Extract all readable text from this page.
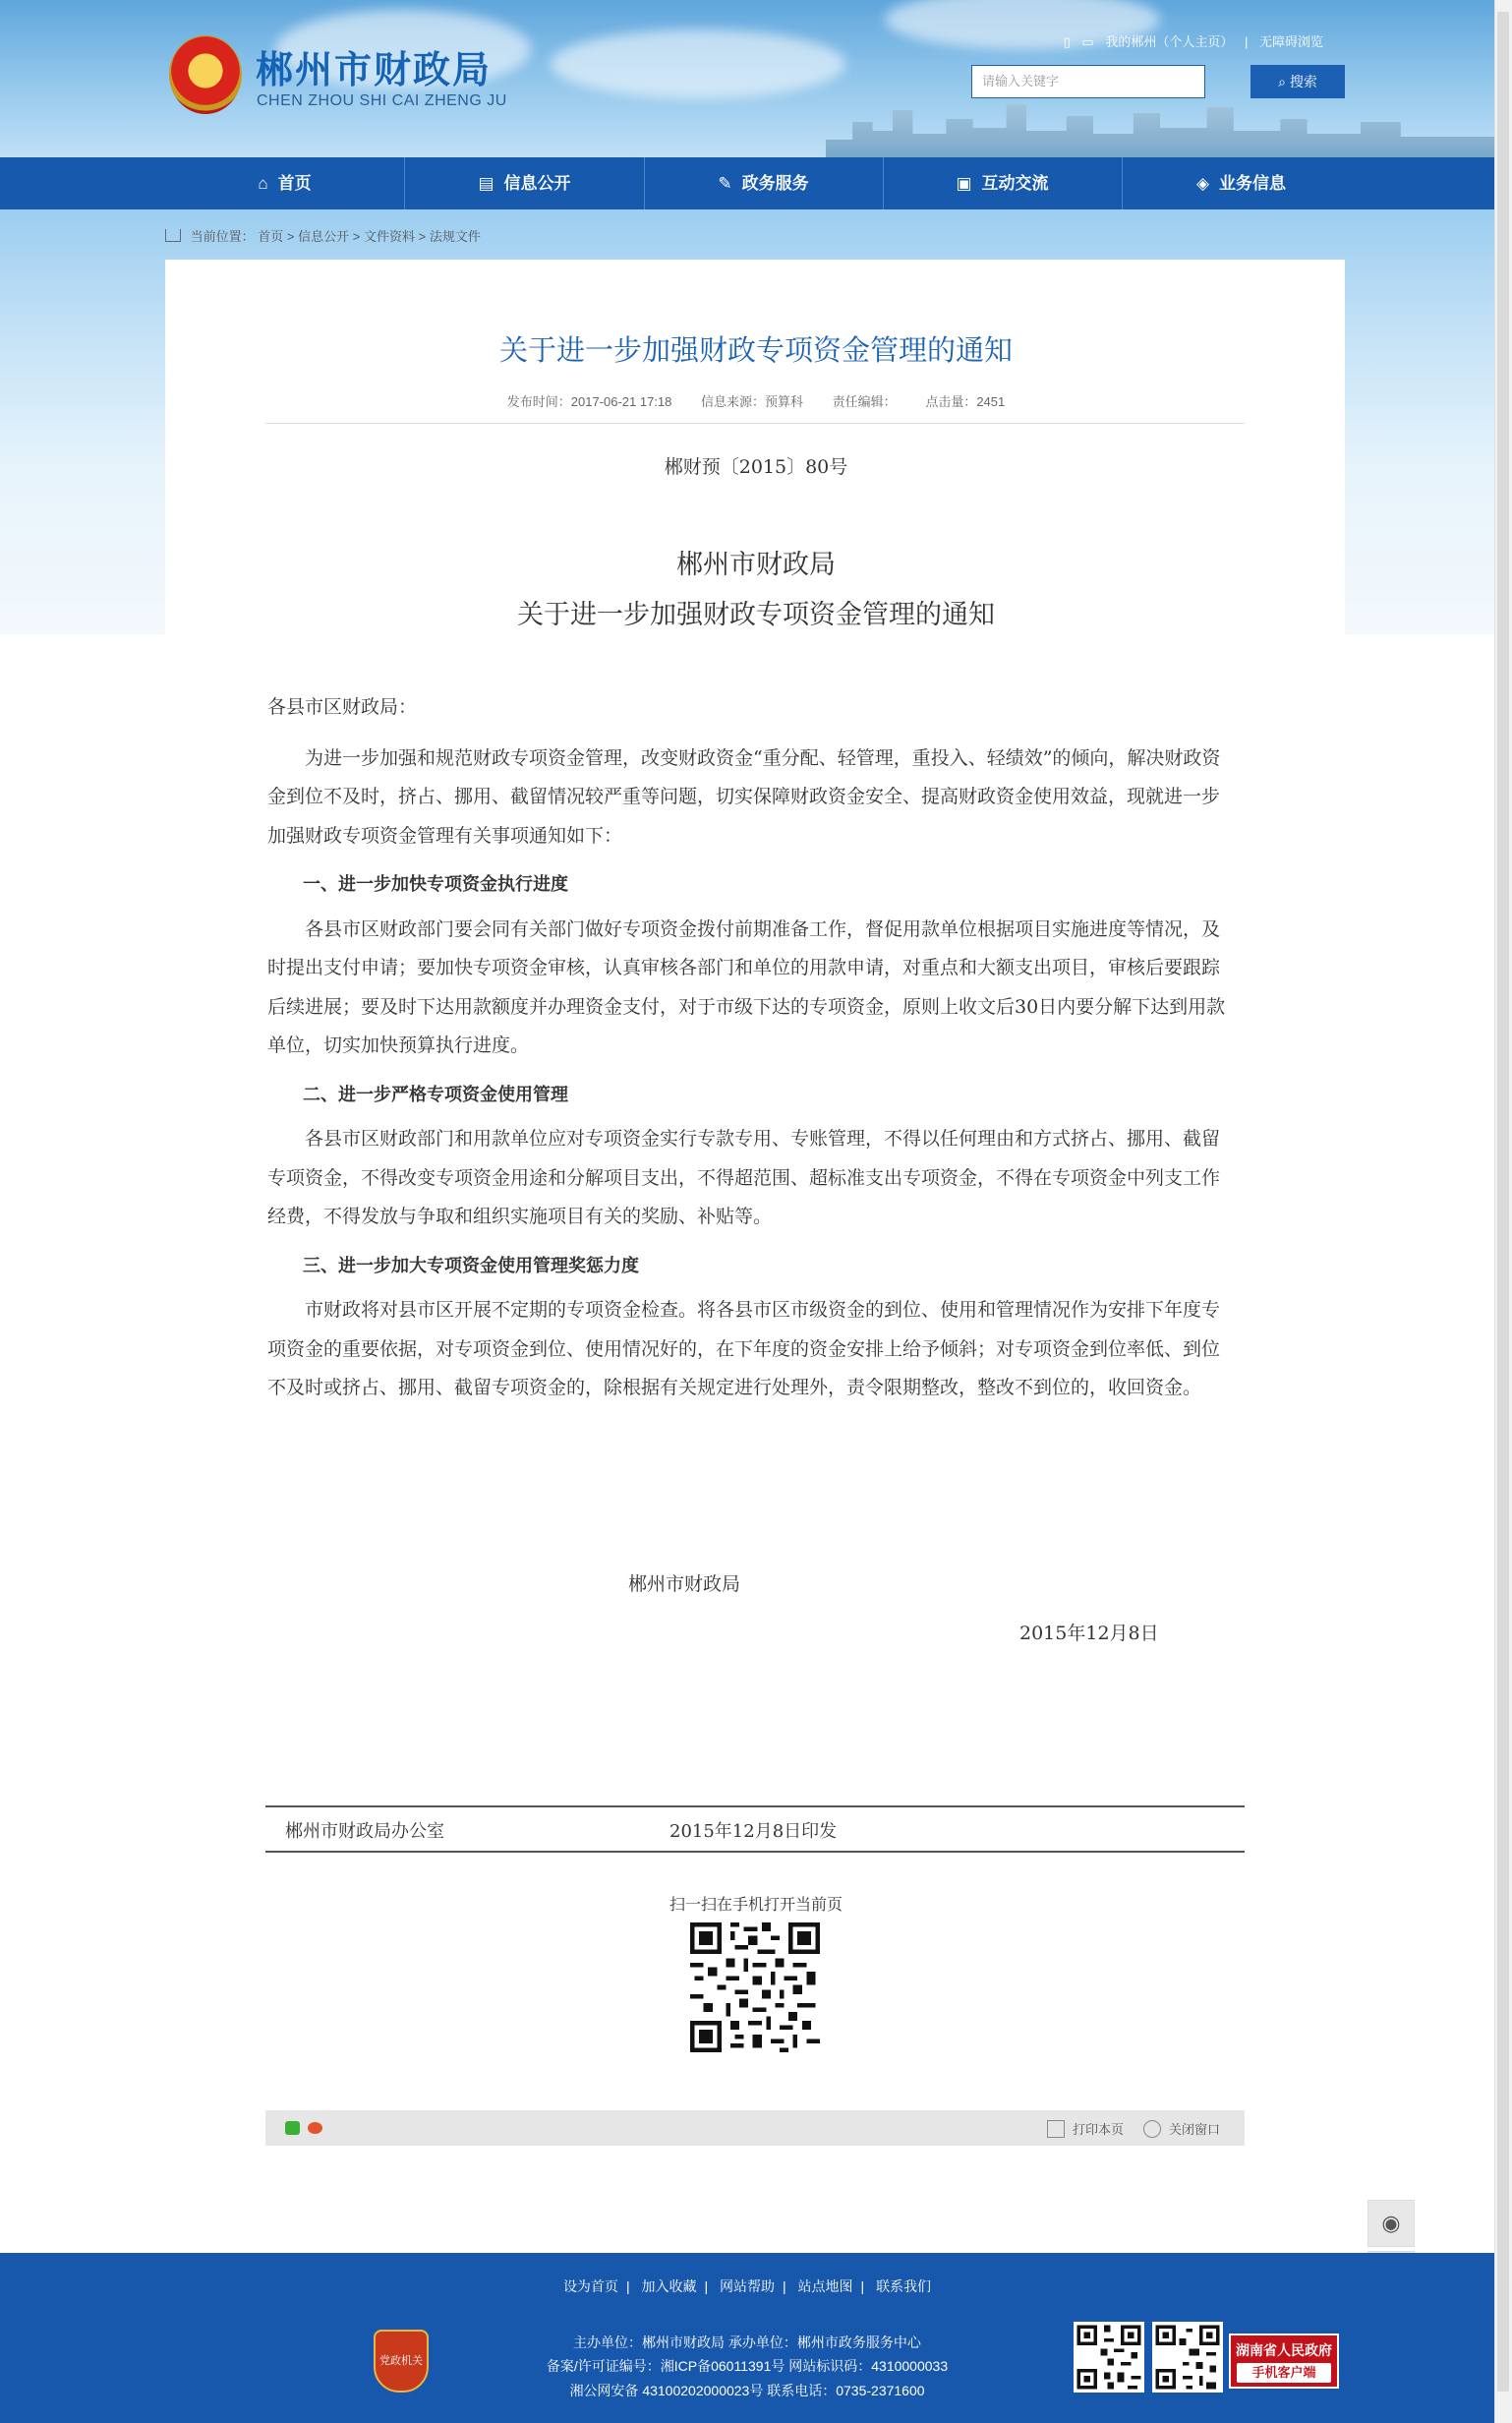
郴州市财政局
CHEN ZHOU SHI CAI ZHENG JU
▯ ▭ 我的郴州（个人主页） | 无障碍浏览
请输入关键字	⌕ 搜索
⌂ 首页	▤ 信息公开	✎ 政务服务	▣ 互动交流	◈ 业务信息
当前位置： 首页 > 信息公开 > 文件资料 > 法规文件
关于进一步加强财政专项资金管理的通知
发布时间：2017-06-21 17:18 信息来源：预算科 责任编辑： 点击量：2451
郴财预〔2015〕80号
郴州市财政局
关于进一步加强财政专项资金管理的通知

各县市区财政局：

为进一步加强和规范财政专项资金管理，改变财政资金“重分配、轻管理，重投入、轻绩效”的倾向，解决财政资金到位不及时，挤占、挪用、截留情况较严重等问题，切实保障财政资金安全、提高财政资金使用效益，现就进一步加强财政专项资金管理有关事项通知如下：

一、进一步加快专项资金执行进度

各县市区财政部门要会同有关部门做好专项资金拨付前期准备工作，督促用款单位根据项目实施进度等情况，及时提出支付申请；要加快专项资金审核，认真审核各部门和单位的用款申请，对重点和大额支出项目，审核后要跟踪后续进展；要及时下达用款额度并办理资金支付，对于市级下达的专项资金，原则上收文后30日内要分解下达到用款单位，切实加快预算执行进度。

二、进一步严格专项资金使用管理

各县市区财政部门和用款单位应对专项资金实行专款专用、专账管理，不得以任何理由和方式挤占、挪用、截留专项资金，不得改变专项资金用途和分解项目支出，不得超范围、超标准支出专项资金，不得在专项资金中列支工作经费，不得发放与争取和组织实施项目有关的奖励、补贴等。

三、进一步加大专项资金使用管理奖惩力度

市财政将对县市区开展不定期的专项资金检查。将各县市区市级资金的到位、使用和管理情况作为安排下年度专项资金的重要依据，对专项资金到位、使用情况好的，在下年度的资金安排上给予倾斜；对专项资金到位率低、到位不及时或挤占、挪用、截留专项资金的，除根据有关规定进行处理外，责令限期整改，整改不到位的，收回资金。

郴州市财政局
2015年12月8日
郴州市财政局办公室	2015年12月8日印发
扫一扫在手机打开当前页
打印本页	关闭窗口
◉
设为首页 | 加入收藏 | 网站帮助 | 站点地图 | 联系我们
党政机关
主办单位：郴州市财政局 承办单位：郴州市政务服务中心
备案/许可证编号：湘ICP备06011391号 网站标识码：4310000033
湘公网安备 43100202000023号 联系电话：0735-2371600
湖南省人民政府
手机客户端
